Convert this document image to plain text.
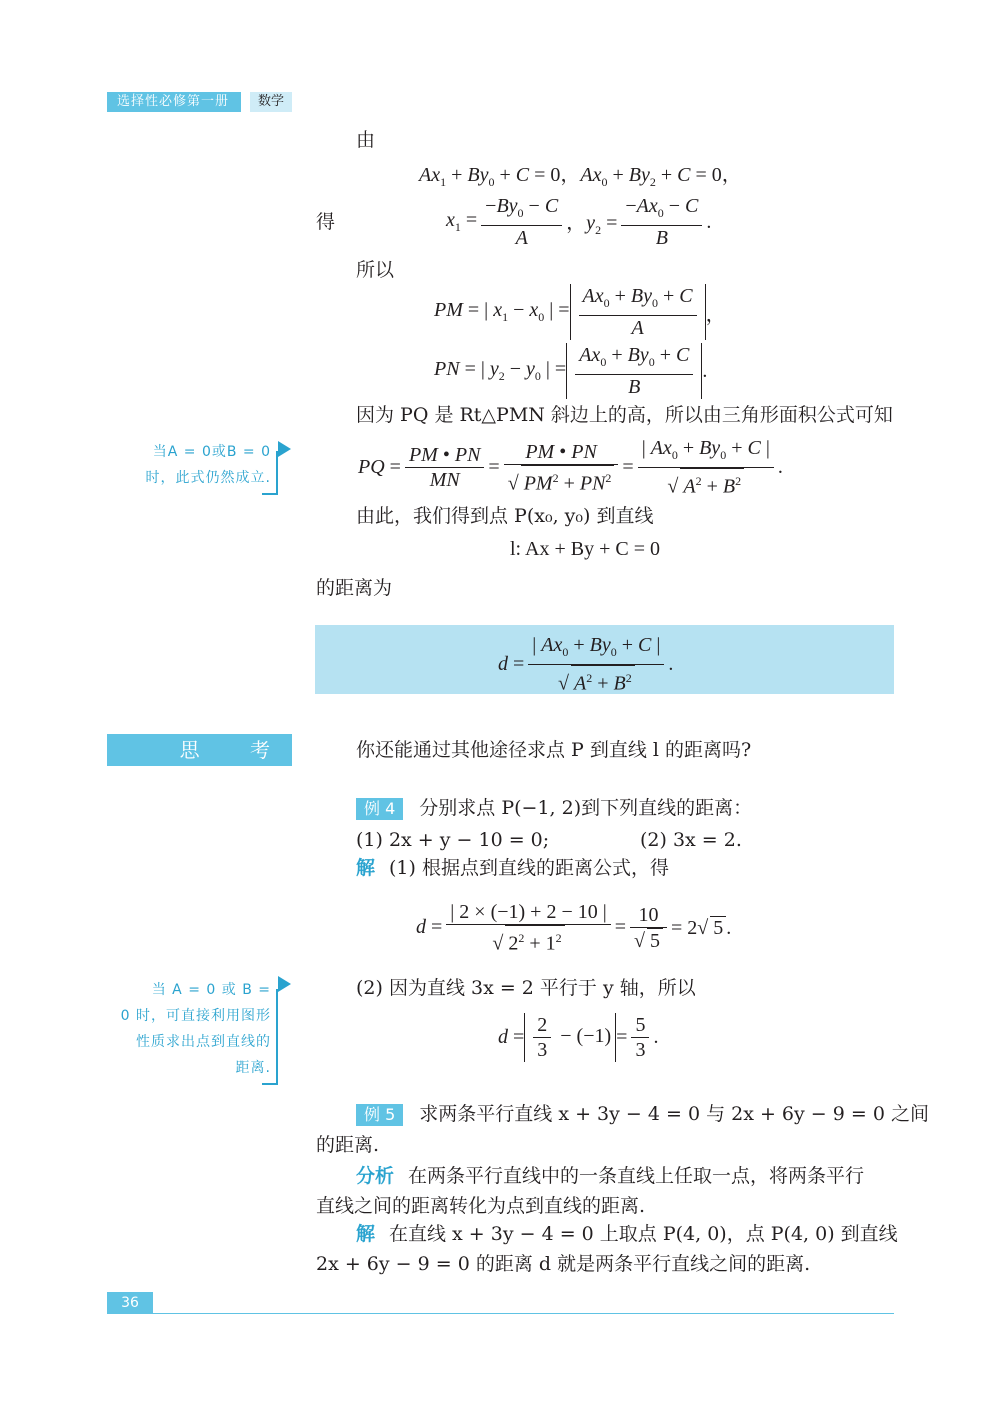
选择性必修第一册	数学
由
$Ax_1 + By_0 + C = 0$，$Ax_0 + By_2 + C = 0$，
得	$x_1 = \frac{-By_0 - C}{A}$ ，$y_2 = \frac{-Ax_0 - C}{B}$ .
所以
PM = | $x_1 - x_0$ | = $\frac{Ax_0 + By_0 + C}{A}$ ，
PN = | $y_2 - y_0$ | = $\frac{Ax_0 + By_0 + C}{B}$ .
因为 PQ 是 Rt△PMN 斜边上的高，所以由三角形面积公式可知
当A = 0或B = 0
时，此式仍然成立.
PQ = $\frac{PM • PN}{MN} = \frac{PM • PN}{√ PM^2 + PN^2} = \frac{| Ax_0 + By_0 + C |}{√ A^2 + B^2}$ .
由此，我们得到点 P(x₀, y₀) 到直线
l: Ax + By + C = 0
的距离为
$d = \frac{| Ax_0 + By_0 + C |}{√ A^2 + B^2}$ .
思 考	你还能通过其他途径求点 P 到直线 l 的距离吗?
例 4 分别求点 P(−1, 2)到下列直线的距离：
(1) 2x + y − 10 = 0;	(2) 3x = 2.
解 (1) 根据点到直线的距离公式，得
$d = \frac{| 2 \times (-1) + 2 - 10 |}{√ 2^2 + 1^2} = \frac{10}{√ 5} = 2√$ 5 .
当 A = 0 或 B =
0 时，可直接利用图形
性质求出点到直线的
距离.
(2) 因为直线 3x = 2 平行于 y 轴，所以
$d = \frac{2}{3} - (-1) = \frac{5}{3}$ .
例 5 求两条平行直线 x + 3y − 4 = 0 与 2x + 6y − 9 = 0 之间
的距离.
分析 在两条平行直线中的一条直线上任取一点，将两条平行
直线之间的距离转化为点到直线的距离.
解 在直线 x + 3y − 4 = 0 上取点 P(4, 0)，点 P(4, 0) 到直线
2x + 6y − 9 = 0 的距离 d 就是两条平行直线之间的距离.
36
